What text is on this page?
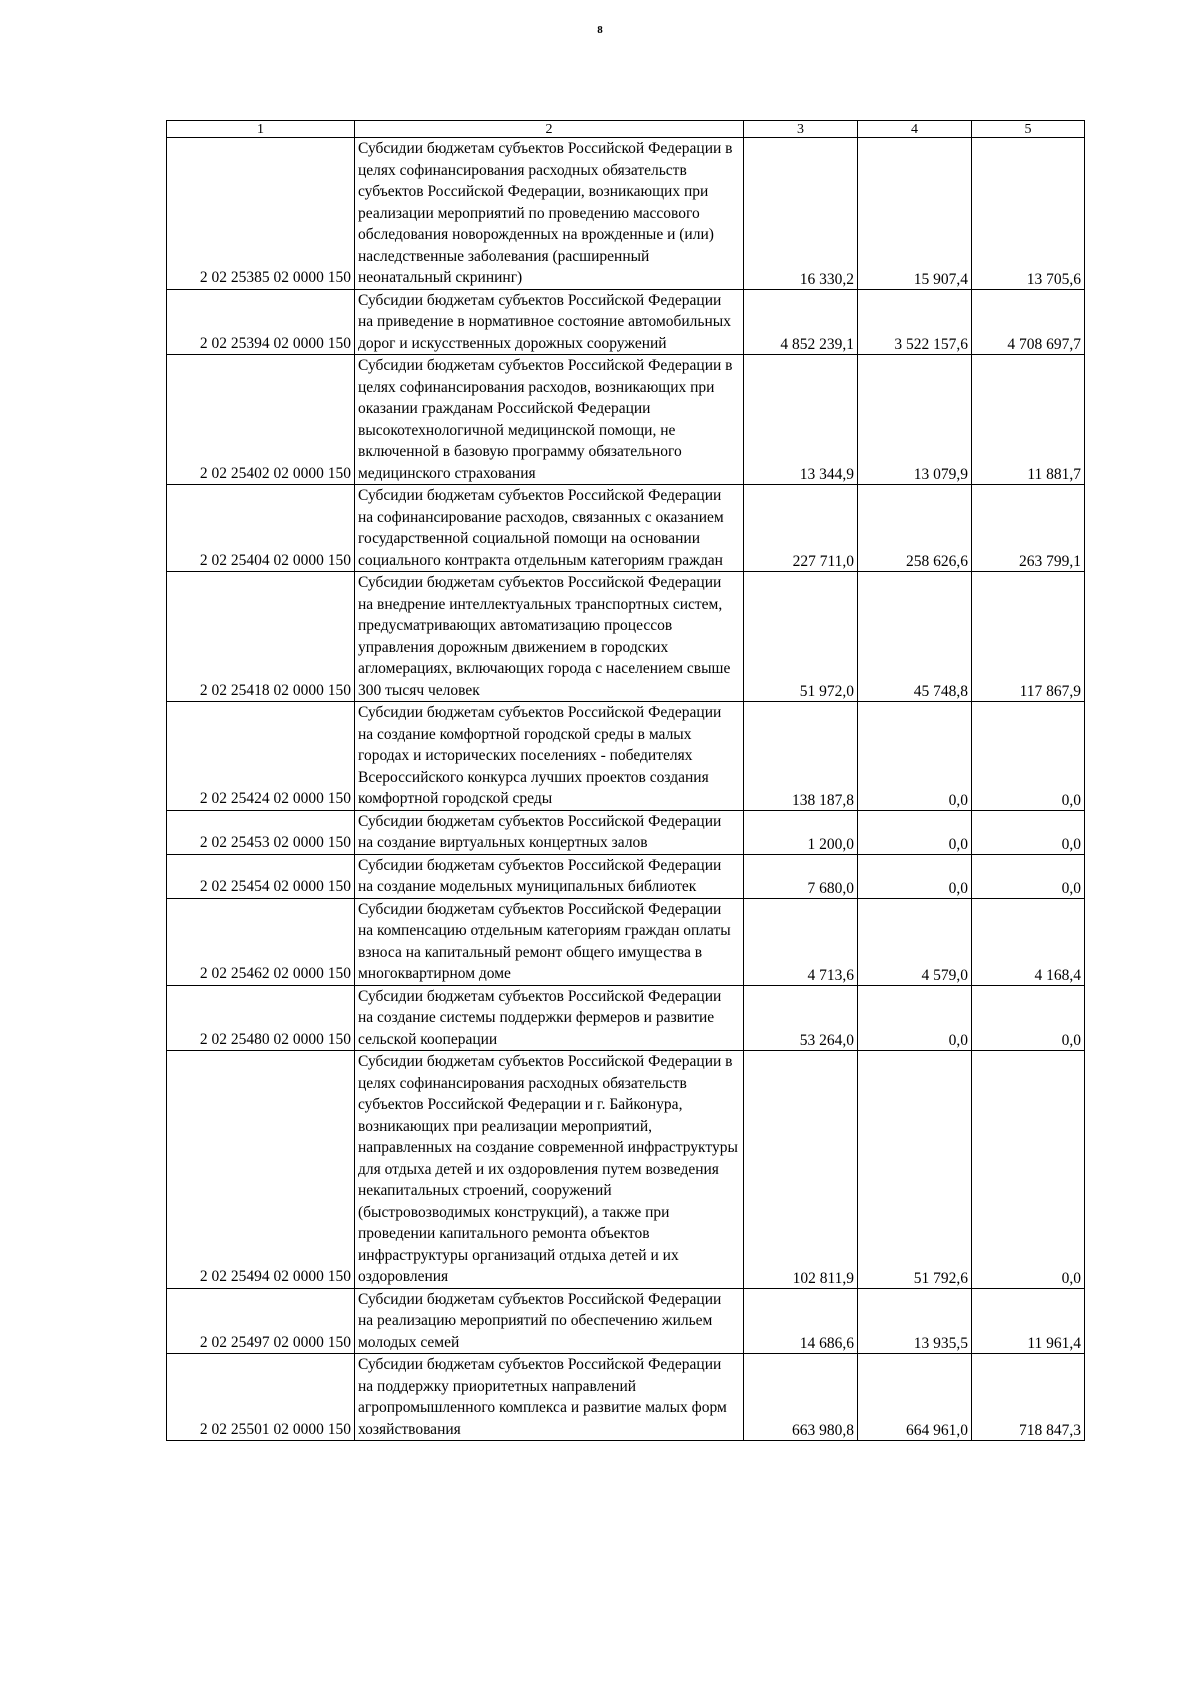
8
1	2	3	4	5
2 02 25385 02 0000 150	Субсидии бюджетам субъектов Российской Федерации в целях софинансирования расходных обязательств субъектов Российской Федерации, возникающих при реализации мероприятий по проведению массового обследования новорожденных на врожденные и (или) наследственные заболевания (расширенный неонатальный скрининг)	16 330,2	15 907,4	13 705,6
2 02 25394 02 0000 150	Субсидии бюджетам субъектов Российской Федерации на приведение в нормативное состояние автомобильных дорог и искусственных дорожных сооружений	4 852 239,1	3 522 157,6	4 708 697,7
2 02 25402 02 0000 150	Субсидии бюджетам субъектов Российской Федерации в целях софинансирования расходов, возникающих при оказании гражданам Российской Федерации высокотехнологичной медицинской помощи, не включенной в базовую программу обязательного медицинского страхования	13 344,9	13 079,9	11 881,7
2 02 25404 02 0000 150	Субсидии бюджетам субъектов Российской Федерации на софинансирование расходов, связанных с оказанием государственной социальной помощи на основании социального контракта отдельным категориям граждан	227 711,0	258 626,6	263 799,1
2 02 25418 02 0000 150	Субсидии бюджетам субъектов Российской Федерации на внедрение интеллектуальных транспортных систем, предусматривающих автоматизацию процессов управления дорожным движением в городских агломерациях, включающих города с населением свыше 300 тысяч человек	51 972,0	45 748,8	117 867,9
2 02 25424 02 0000 150	Субсидии бюджетам субъектов Российской Федерации на создание комфортной городской среды в малых городах и исторических поселениях - победителях Всероссийского конкурса лучших проектов создания комфортной городской среды	138 187,8	0,0	0,0
2 02 25453 02 0000 150	Субсидии бюджетам субъектов Российской Федерации на создание виртуальных концертных залов	1 200,0	0,0	0,0
2 02 25454 02 0000 150	Субсидии бюджетам субъектов Российской Федерации на создание модельных муниципальных библиотек	7 680,0	0,0	0,0
2 02 25462 02 0000 150	Субсидии бюджетам субъектов Российской Федерации на компенсацию отдельным категориям граждан оплаты взноса на капитальный ремонт общего имущества в многоквартирном доме	4 713,6	4 579,0	4 168,4
2 02 25480 02 0000 150	Субсидии бюджетам субъектов Российской Федерации на создание системы поддержки фермеров и развитие сельской кооперации	53 264,0	0,0	0,0
2 02 25494 02 0000 150	Субсидии бюджетам субъектов Российской Федерации в целях софинансирования расходных обязательств субъектов Российской Федерации и г. Байконура, возникающих при реализации мероприятий, направленных на создание современной инфраструктуры для отдыха детей и их оздоровления путем возведения некапитальных строений, сооружений (быстровозводимых конструкций), а также при проведении капитального ремонта объектов инфраструктуры организаций отдыха детей и их оздоровления	102 811,9	51 792,6	0,0
2 02 25497 02 0000 150	Субсидии бюджетам субъектов Российской Федерации на реализацию мероприятий по обеспечению жильем молодых семей	14 686,6	13 935,5	11 961,4
2 02 25501 02 0000 150	Субсидии бюджетам субъектов Российской Федерации на поддержку приоритетных направлений агропромышленного комплекса и развитие малых форм хозяйствования	663 980,8	664 961,0	718 847,3
